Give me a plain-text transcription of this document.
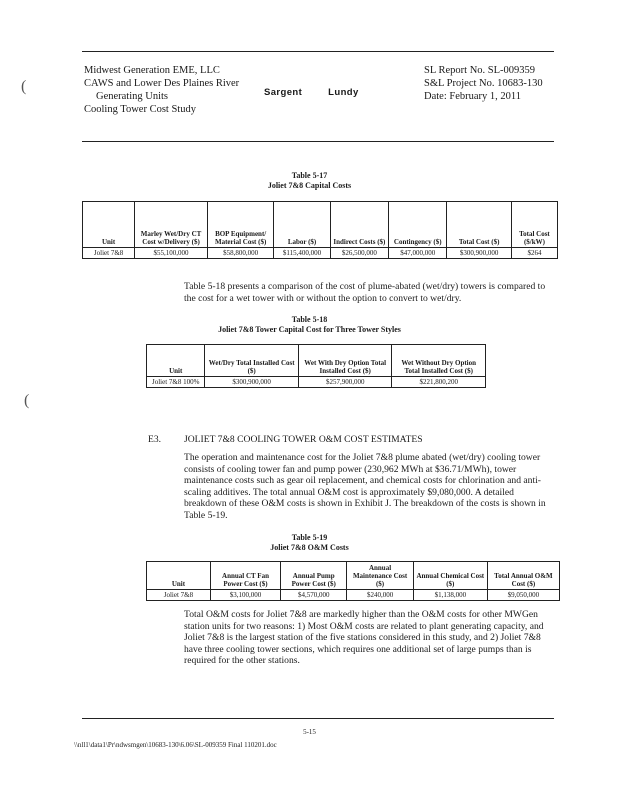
Midwest Generation EME, LLC
CAWS and Lower Des Plaines River
Generating Units
Cooling Tower Cost Study
Sargent	Lundy
SL Report No. SL-009359
S&L Project No. 10683-130
Date: February 1, 2011
(
(
Table 5-17
Joliet 7&8 Capital Costs
Unit	Marley Wet/Dry CT Cost w/Delivery ($)	BOP Equipment/ Material Cost ($)	Labor ($)	Indirect Costs ($)	Contingency ($)	Total Cost ($)	Total Cost ($/kW)
Joliet 7&8	$55,100,000	$58,800,000	$115,400,000	$26,500,000	$47,000,000	$300,900,000	$264
Table 5-18 presents a comparison of the cost of plume-abated (wet/dry) towers is compared to the cost for a wet tower with or without the option to convert to wet/dry.
Table 5-18
Joliet 7&8 Tower Capital Cost for Three Tower Styles
Unit	Wet/Dry Total Installed Cost ($)	Wet With Dry Option Total Installed Cost ($)	Wet Without Dry Option Total Installed Cost ($)
Joliet 7&8 100%	$300,900,000	$257,900,000	$221,800,200
E3. JOLIET 7&8 COOLING TOWER O&M COST ESTIMATES
The operation and maintenance cost for the Joliet 7&8 plume abated (wet/dry) cooling tower consists of cooling tower fan and pump power (230,962 MWh at $36.71/MWh), tower maintenance costs such as gear oil replacement, and chemical costs for chlorination and anti-scaling additives. The total annual O&M cost is approximately $9,080,000. A detailed breakdown of these O&M costs is shown in Exhibit J. The breakdown of the costs is shown in Table 5-19.
Table 5-19
Joliet 7&8 O&M Costs
Unit	Annual CT Fan Power Cost ($)	Annual Pump Power Cost ($)	Annual Maintenance Cost ($)	Annual Chemical Cost ($)	Total Annual O&M Cost ($)
Joliet 7&8	$3,100,000	$4,570,000	$240,000	$1,138,000	$9,050,000
Total O&M costs for Joliet 7&8 are markedly higher than the O&M costs for other MWGen station units for two reasons: 1) Most O&M costs are related to plant generating capacity, and Joliet 7&8 is the largest station of the five stations considered in this study, and 2) Joliet 7&8 have three cooling tower sections, which requires one additional set of large pumps than is required for the other stations.
5-15
\\nll1\data1\Pr\ndwsmgen\10683-130\6.06\SL-009359 Final 110201.doc
